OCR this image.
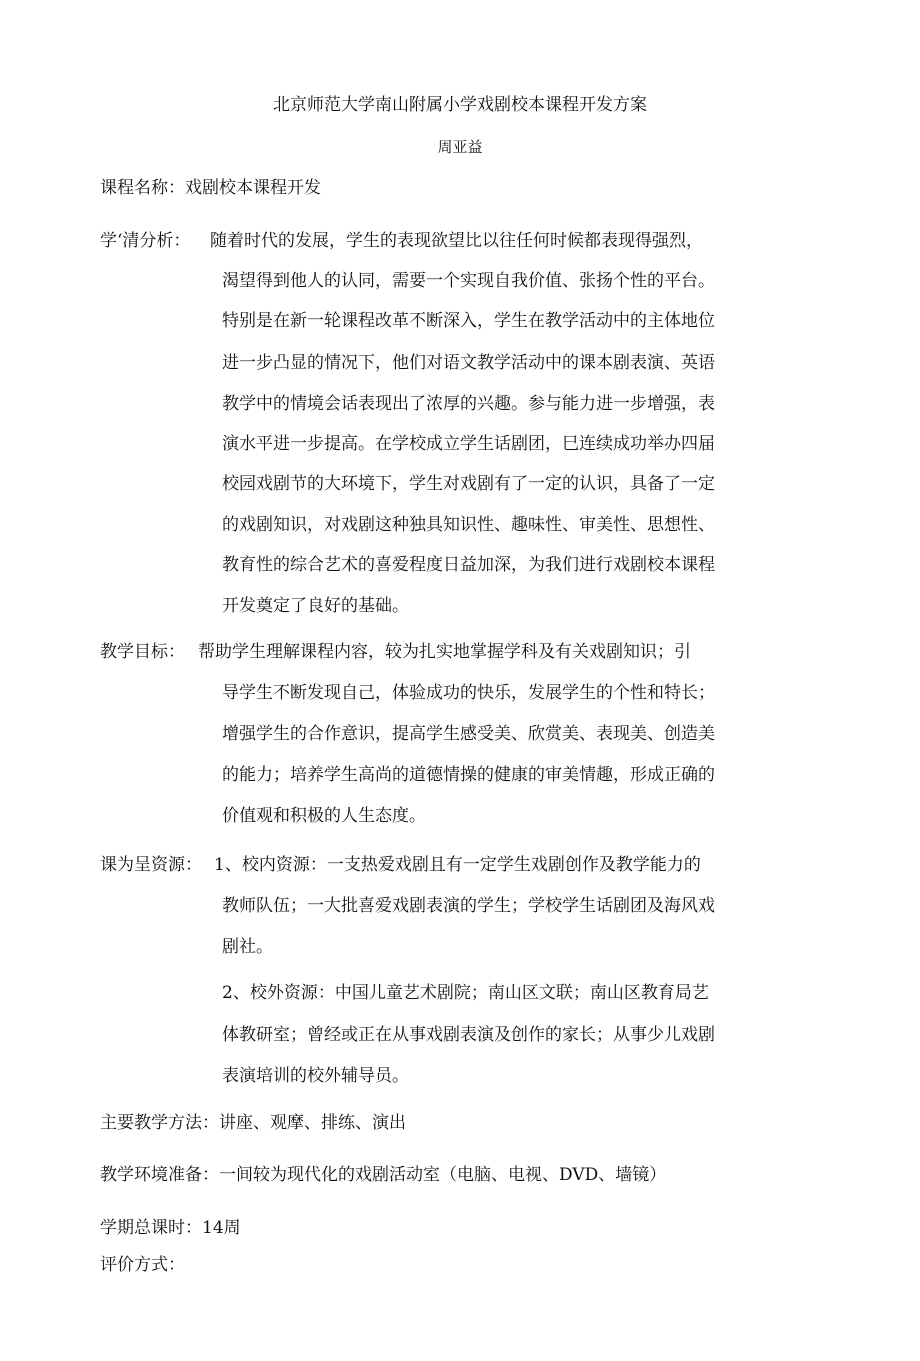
北京师范大学南山附属小学戏剧校本课程开发方案
周亚益
课程名称：戏剧校本课程开发
学‘清分析： 随着时代的发展，学生的表现欲望比以往任何时候都表现得强烈，
渴望得到他人的认同，需要一个实现自我价值、张扬个性的平台。
特别是在新一轮课程改革不断深入，学生在教学活动中的主体地位
进一步凸显的情况下，他们对语文教学活动中的课本剧表演、英语
教学中的情境会话表现出了浓厚的兴趣。参与能力进一步增强，表
演水平进一步提高。在学校成立学生话剧团，巳连续成功举办四届
校园戏剧节的大环境下，学生对戏剧有了一定的认识，具备了一定
的戏剧知识，对戏剧这种独具知识性、趣味性、审美性、思想性、
教育性的综合艺术的喜爱程度日益加深，为我们进行戏剧校本课程
开发奠定了良好的基础。
教学目标： 帮助学生理解课程内容，较为扎实地掌握学科及有关戏剧知识；引
导学生不断发现自己，体验成功的快乐，发展学生的个性和特长；
增强学生的合作意识，提高学生感受美、欣赏美、表现美、创造美
的能力；培养学生高尚的道德情操的健康的审美情趣，形成正确的
价值观和积极的人生态度。
课为呈资源： 1、校内资源：一支热爱戏剧且有一定学生戏剧创作及教学能力的
教师队伍；一大批喜爱戏剧表演的学生；学校学生话剧团及海风戏
剧社。
2、校外资源：中国儿童艺术剧院；南山区文联；南山区教育局艺
体教研室；曾经或正在从事戏剧表演及创作的家长；从事少儿戏剧
表演培训的校外辅导员。
主要教学方法：讲座、观摩、排练、演出
教学环境准备：一间较为现代化的戏剧活动室（电脑、电视、DVD、墙镜）
学期总课时：14周
评价方式：
